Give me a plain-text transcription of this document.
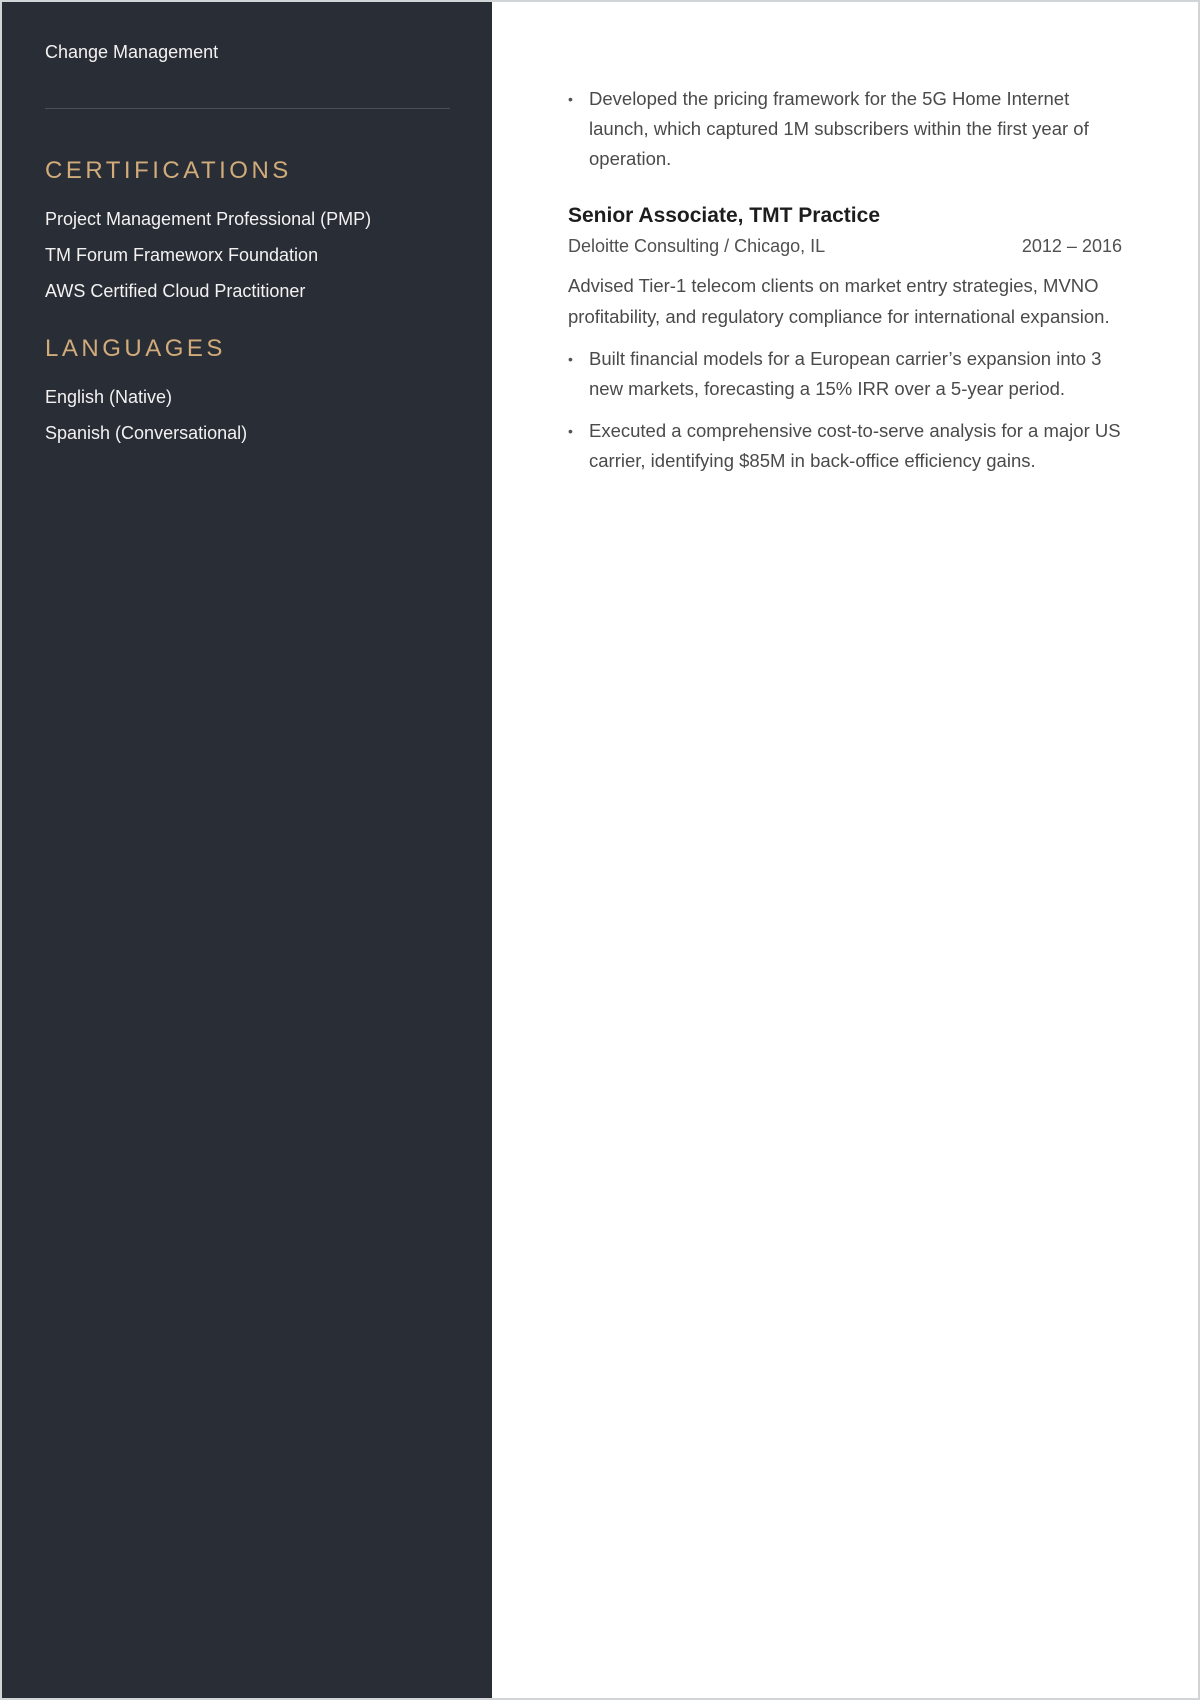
Change Management

CERTIFICATIONS
Project Management Professional (PMP)
TM Forum Frameworx Foundation
AWS Certified Cloud Practitioner
LANGUAGES
English (Native)
Spanish (Conversational)
• Developed the pricing framework for the 5G Home Internet launch, which captured 1M subscribers within the first year of operation.
Senior Associate, TMT Practice
Deloitte Consulting / Chicago, IL	2012 – 2016

Advised Tier-1 telecom clients on market entry strategies, MVNO profitability, and regulatory compliance for international expansion.

• Built financial models for a European carrier’s expansion into 3 new markets, forecasting a 15% IRR over a 5-year period.
• Executed a comprehensive cost-to-serve analysis for a major US carrier, identifying $85M in back-office efficiency gains.
